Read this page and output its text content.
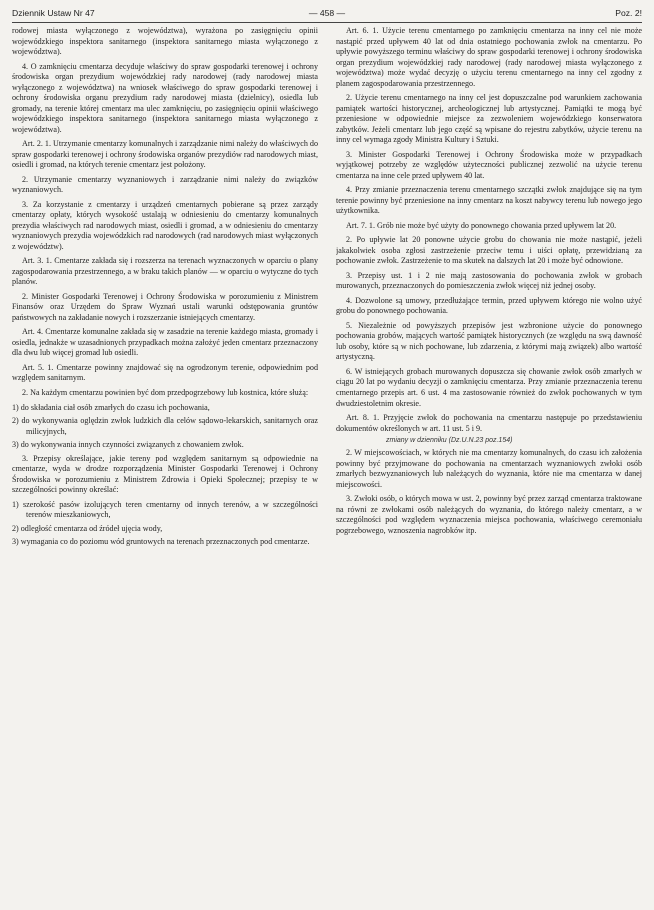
Dziennik Ustaw Nr 47	— 458 —	Poz. 2!

rodowej miasta wyłączonego z województwa), wyrażona po zasięgnięciu opinii wojewódzkiego inspektora sanitarnego (inspektora sanitarnego miasta wyłączonego z województwa).

4. O zamknięciu cmentarza decyduje właściwy do spraw gospodarki terenowej i ochrony środowiska organ prezydium wojewódzkiej rady narodowej (rady narodowej miasta wyłączonego z województwa) na wniosek właściwego do spraw gospodarki terenowej i ochrony środowiska organu prezydium rady narodowej miasta (dzielnicy), osiedla lub gromady, na terenie której cmentarz ma ulec zamknięciu, po zasięgnięciu opinii właściwego wojewódzkiego inspektora sanitarnego (inspektora sanitarnego miasta wyłączonego z województwa).

Art. 2. 1. Utrzymanie cmentarzy komunalnych i zarządzanie nimi należy do właściwych do spraw gospodarki terenowej i ochrony środowiska organów prezydiów rad narodowych miast, osiedli i gromad, na których terenie cmentarz jest położony.

2. Utrzymanie cmentarzy wyznaniowych i zarządzanie nimi należy do związków wyznaniowych.

3. Za korzystanie z cmentarzy i urządzeń cmentarnych pobierane są przez zarządy cmentarzy opłaty, których wysokość ustalają w odniesieniu do cmentarzy komunalnych prezydia właściwych rad narodowych miast, osiedli i gromad, a w odniesieniu do cmentarzy wyznaniowych prezydia wojewódzkich rad narodowych (rad narodowych miast wyłączonych z województw).

Art. 3. 1. Cmentarze zakłada się i rozszerza na terenach wyznaczonych w oparciu o plany zagospodarowania przestrzennego, a w braku takich planów — w oparciu o wytyczne do tych planów.

2. Minister Gospodarki Terenowej i Ochrony Środowiska w porozumieniu z Ministrem Finansów oraz Urzędem do Spraw Wyznań ustali warunki odstępowania gruntów państwowych na zakładanie nowych i rozszerzanie istniejących cmentarzy.

Art. 4. Cmentarze komunalne zakłada się w zasadzie na terenie każdego miasta, gromady i osiedla, jednakże w uzasadnionych przypadkach można założyć jeden cmentarz przeznaczony dla dwu lub więcej gromad lub osiedli.

Art. 5. 1. Cmentarze powinny znajdować się na ogrodzonym terenie, odpowiednim pod względem sanitarnym.

2. Na każdym cmentarzu powinien być dom przedpogrzebowy lub kostnica, które służą:

1) do składania ciał osób zmarłych do czasu ich pochowania,
2) do wykonywania oględzin zwłok ludzkich dla celów sądowo-lekarskich, sanitarnych oraz milicyjnych,
3) do wykonywania innych czynności związanych z chowaniem zwłok.

3. Przepisy określające, jakie tereny pod względem sanitarnym są odpowiednie na cmentarze, wyda w drodze rozporządzenia Minister Gospodarki Terenowej i Ochrony Środowiska w porozumieniu z Ministrem Zdrowia i Opieki Społecznej; przepisy te w szczególności powinny określać:

1) szerokość pasów izolujących teren cmentarny od innych terenów, a w szczególności terenów mieszkaniowych,
2) odległość cmentarza od źródeł ujęcia wody,
3) wymagania co do poziomu wód gruntowych na terenach przeznaczonych pod cmentarze.

Art. 6. 1. Użycie terenu cmentarnego po zamknięciu cmentarza na inny cel nie może nastąpić przed upływem 40 lat od dnia ostatniego pochowania zwłok na cmentarzu. Po upływie powyższego terminu właściwy do spraw gospodarki terenowej i ochrony środowiska organ prezydium wojewódzkiej rady narodowej (rady narodowej miasta wyłączonego z województwa) może wydać decyzję o użyciu terenu cmentarnego na inny cel zgodny z planem zagospodarowania przestrzennego.

2. Użycie terenu cmentarnego na inny cel jest dopuszczalne pod warunkiem zachowania pamiątek wartości historycznej, archeologicznej lub artystycznej. Pamiątki te mogą być przeniesione w odpowiednie miejsce za zezwoleniem wojewódzkiego konserwatora zabytków. Jeżeli cmentarz lub jego część są wpisane do rejestru zabytków, użycie terenu na inny cel wymaga zgody Ministra Kultury i Sztuki.

3. Minister Gospodarki Terenowej i Ochrony Środowiska może w przypadkach wyjątkowej potrzeby ze względów użyteczności publicznej zezwolić na użycie terenu cmentarza na inne cele przed upływem 40 lat.

4. Przy zmianie przeznaczenia terenu cmentarnego szczątki zwłok znajdujące się na tym terenie powinny być przeniesione na inny cmentarz na koszt nabywcy terenu lub nowego jego użytkownika.

Art. 7. 1. Grób nie może być użyty do ponownego chowania przed upływem lat 20.

2. Po upływie lat 20 ponowne użycie grobu do chowania nie może nastąpić, jeżeli jakakolwiek osoba zgłosi zastrzeżenie przeciw temu i uiści opłatę, przewidzianą za pochowanie zwłok. Zastrzeżenie to ma skutek na dalszych lat 20 i może być odnowione.

3. Przepisy ust. 1 i 2 nie mają zastosowania do pochowania zwłok w grobach murowanych, przeznaczonych do pomieszczenia zwłok więcej niż jednej osoby.

4. Dozwolone są umowy, przedłużające termin, przed upływem którego nie wolno użyć grobu do ponownego pochowania.

5. Niezależnie od powyższych przepisów jest wzbronione użycie do ponownego pochowania grobów, mających wartość pamiątek historycznych (ze względu na swą dawność lub osoby, które są w nich pochowane, lub zdarzenia, z którymi mają związek) albo wartość artystyczną.

6. W istniejących grobach murowanych dopuszcza się chowanie zwłok osób zmarłych w ciągu 20 lat po wydaniu decyzji o zamknięciu cmentarza. Przy zmianie przeznaczenia terenu cmentarnego przepis art. 6 ust. 4 ma zastosowanie również do zwłok pochowanych w tym dwudziestoletnim okresie.

Art. 8. 1. Przyjęcie zwłok do pochowania na cmentarzu następuje po przedstawieniu dokumentów określonych w art. 11 ust. 5 i 9.

zmiany w dzienniku (Dz.U.N.23 poz.154)

2. W miejscowościach, w których nie ma cmentarzy komunalnych, do czasu ich założenia powinny być przyjmowane do pochowania na cmentarzach wyznaniowych zwłoki osób zmarłych bezwyznaniowych lub należących do wyznania, które nie ma cmentarza w danej miejscowości.

3. Zwłoki osób, o których mowa w ust. 2, powinny być przez zarząd cmentarza traktowane na równi ze zwłokami osób należących do wyznania, do którego należy cmentarz, a w szczególności pod względem wyznaczenia miejsca pochowania, właściwego ceremoniału pogrzebowego, wznoszenia nagrobków itp.
